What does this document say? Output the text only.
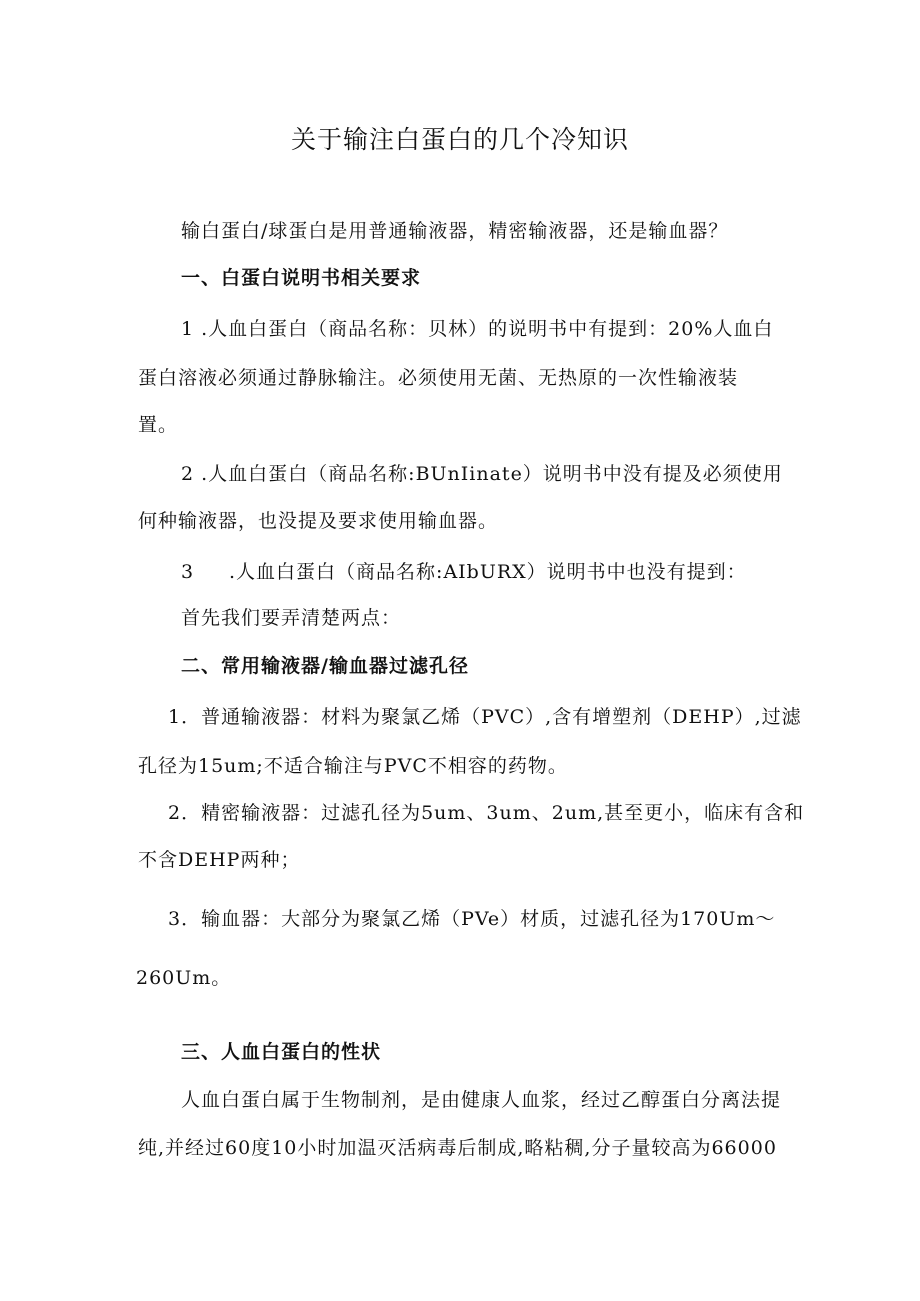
关于输注白蛋白的几个冷知识
输白蛋白/球蛋白是用普通输液器，精密输液器，还是输血器？
一、白蛋白说明书相关要求
1 .人血白蛋白（商品名称：贝林）的说明书中有提到：20%人血白
蛋白溶液必须通过静脉输注。必须使用无菌、无热原的一次性输液装
置。
2 .人血白蛋白（商品名称:BUnIinate）说明书中没有提及必须使用
何种输液器，也没提及要求使用输血器。
3 .人血白蛋白（商品名称:AIbURX）说明书中也没有提到：
首先我们要弄清楚两点：
二、常用输液器/输血器过滤孔径
1．普通输液器：材料为聚氯乙烯（PVC）,含有增塑剂（DEHP）,过滤
孔径为15um;不适合输注与PVC不相容的药物。
2．精密输液器：过滤孔径为5um、3um、2um,甚至更小，临床有含和
不含DEHP两种；
3．输血器：大部分为聚氯乙烯（PVe）材质，过滤孔径为170Um～
260Um。
三、人血白蛋白的性状
人血白蛋白属于生物制剂，是由健康人血浆，经过乙醇蛋白分离法提
纯,并经过60度10小时加温灭活病毒后制成,略粘稠,分子量较高为66000
